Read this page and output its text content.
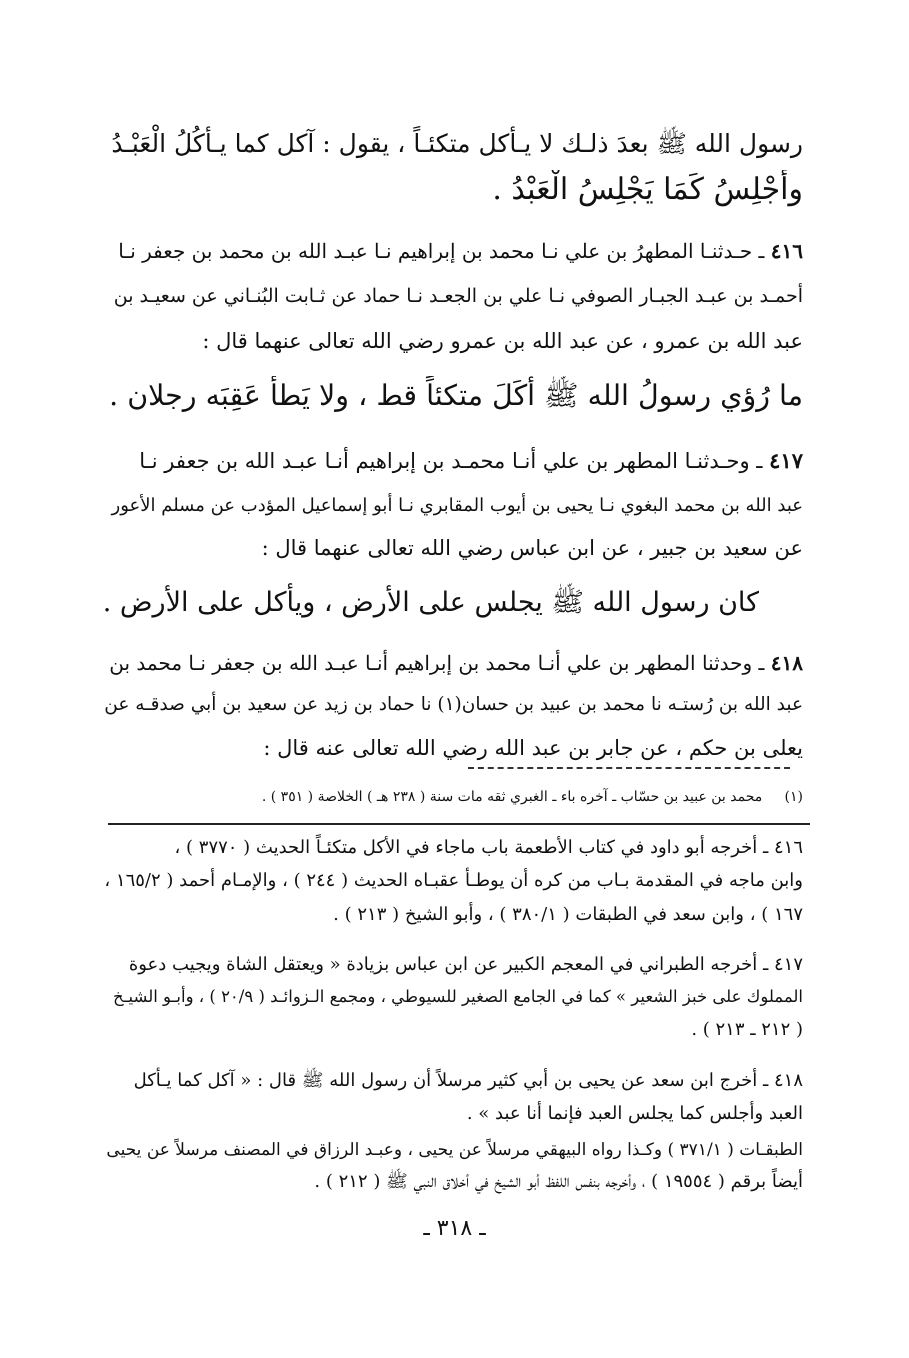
رسول الله ﷺ بعدَ ذلـك لا يـأكل متكئـاً ، يقول : آكل كما يـأكُلُ الْعَبْـدُ
وأَجْلِسُ كَمَا يَجْلِسُ الْعَبْدُ .
٤١٦ ـ حـدثنـا المطهرُ بن علي نـا محمد بن إبراهيم نـا عبـد الله بن محمد بن جعفر نـا
أحمـد بن عبـد الجبـار الصوفي نـا علي بن الجعـد نـا حماد عن ثـابت البُنـاني عن سعيـد بن
عبد الله بن عمرو ، عن عبد الله بن عمرو رضي الله تعالى عنهما قال :
ما رُؤي رسولُ الله ﷺ أكَلَ متكئاً قط ، ولا يَطأ عَقِبَه رجلان .
٤١٧ ـ وحـدثنـا المطهر بن علي أنـا محمـد بن إبراهيم أنـا عبـد الله بن جعفر نـا
عبد الله بن محمد البغوي نـا يحيى بن أيوب المقابري نـا أبو إسماعيل المؤدب عن مسلم الأعور
عن سعيد بن جبير ، عن ابن عباس رضي الله تعالى عنهما قال :
كان رسول الله ﷺ يجلس على الأرض ، ويأكل على الأرض .
٤١٨ ـ وحدثنا المطهر بن علي أنـا محمد بن إبراهيم أنـا عبـد الله بن جعفر نـا محمد بن
عبد الله بن رُستـه نا محمد بن عبيد بن حسان(١) نا حماد بن زيد عن سعيد بن أبي صدقـه عن
يعلى بن حكم ، عن جابر بن عبد الله رضي الله تعالى عنه قال :
(١)     محمد بن عبيد بن حسّاب ـ آخره باء ـ الغبري ثقه مات سنة ( ٢٣٨ هـ ) الخلاصة ( ٣٥١ ) .
٤١٦ ـ أخرجه أبو داود في كتاب الأطعمة باب ماجاء في الأكل متكئـاً الحديث ( ٣٧٧٠ ) ،
وابن ماجه في المقدمة بـاب من كره أن يوطـأ عقبـاه الحديث ( ٢٤٤ ) ، والإمـام أحمد ( ١٦٥/٢ ،
١٦٧ ) ، وابن سعد في الطبقات ( ٣٨٠/١ ) ، وأبو الشيخ ( ٢١٣ ) .
٤١٧ ـ أخرجه الطبراني في المعجم الكبير عن ابن عباس بزيادة « ويعتقل الشاة ويجيب دعوة
المملوك على خبز الشعير » كما في الجامع الصغير للسيوطي ، ومجمع الـزوائـد ( ٢٠/٩ ) ، وأبـو الشيـخ
( ٢١٢ ـ ٢١٣ ) .
٤١٨ ـ أخرج ابن سعد عن يحيى بن أبي كثير مرسلاً أن رسول الله ﷺ قال : « آكل كما يـأكل
العبد وأجلس كما يجلس العبد فإنما أنا عبد » .
الطبقـات ( ٣٧١/١ ) وكـذا رواه البيهقي مرسلاً عن يحيى ، وعبـد الرزاق في المصنف مرسلاً عن يحيى
أيضاً برقم ( ١٩٥٥٤ ) ، وأخرجه بنفس اللفظ أبو الشيخ في أخلاق النبي ﷺ ( ٢١٢ ) .
ـ ٣١٨ ـ
